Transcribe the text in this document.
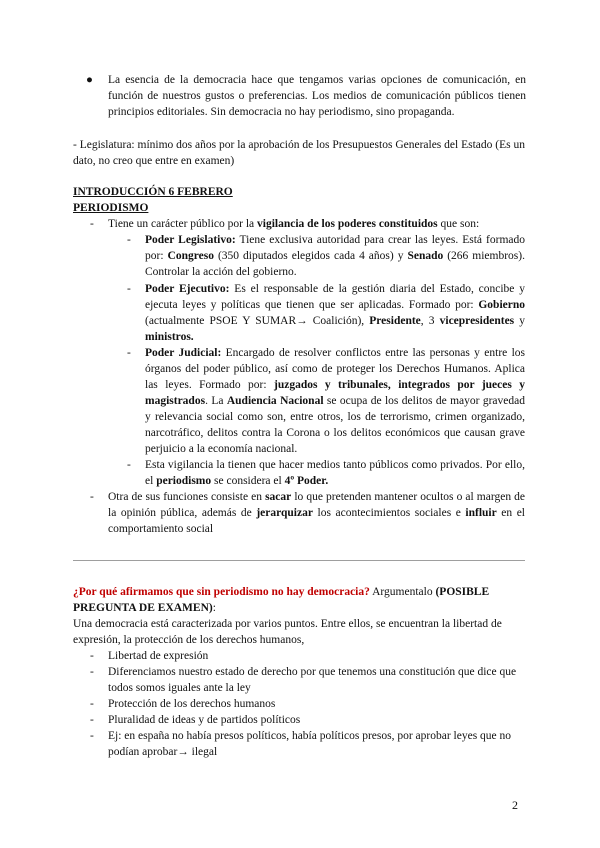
●	La esencia de la democracia hace que tengamos varias opciones de comunicación, en función de nuestros gustos o preferencias. Los medios de comunicación públicos tienen principios editoriales. Sin democracia no hay periodismo, sino propaganda.

- Legislatura: mínimo dos años por la aprobación de los Presupuestos Generales del Estado (Es un dato, no creo que entre en examen)

INTRODUCCIÓN 6 FEBRERO

PERIODISMO

- Tiene un carácter público por la vigilancia de los poderes constituidos que son:

- Poder Legislativo: Tiene exclusiva autoridad para crear las leyes. Está formado por: Congreso (350 diputados elegidos cada 4 años) y Senado (266 miembros). Controlar la acción del gobierno.

- Poder Ejecutivo: Es el responsable de la gestión diaria del Estado, concibe y ejecuta leyes y políticas que tienen que ser aplicadas. Formado por: Gobierno (actualmente PSOE Y SUMAR→ Coalición), Presidente, 3 vicepresidentes y ministros.

- Poder Judicial: Encargado de resolver conflictos entre las personas y entre los órganos del poder público, así como de proteger los Derechos Humanos. Aplica las leyes. Formado por: juzgados y tribunales, integrados por jueces y magistrados. La Audiencia Nacional se ocupa de los delitos de mayor gravedad y relevancia social como son, entre otros, los de terrorismo, crimen organizado, narcotráfico, delitos contra la Corona o los delitos económicos que causan grave perjuicio a la economía nacional.

- Esta vigilancia la tienen que hacer medios tanto públicos como privados. Por ello, el periodismo se considera el 4º Poder.

- Otra de sus funciones consiste en sacar lo que pretenden mantener ocultos o al margen de la opinión pública, además de jerarquizar los acontecimientos sociales e influir en el comportamiento social

¿Por qué afirmamos que sin periodismo no hay democracia? Argumentalo (POSIBLE PREGUNTA DE EXAMEN):

Una democracia está caracterizada por varios puntos. Entre ellos, se encuentran la libertad de expresión, la protección de los derechos humanos,

- Libertad de expresión

- Diferenciamos nuestro estado de derecho por que tenemos una constitución que dice que todos somos iguales ante la ley

- Protección de los derechos humanos

- Pluralidad de ideas y de partidos políticos

- Ej: en españa no había presos políticos, había políticos presos, por aprobar leyes que no podían aprobar→ ilegal

2
